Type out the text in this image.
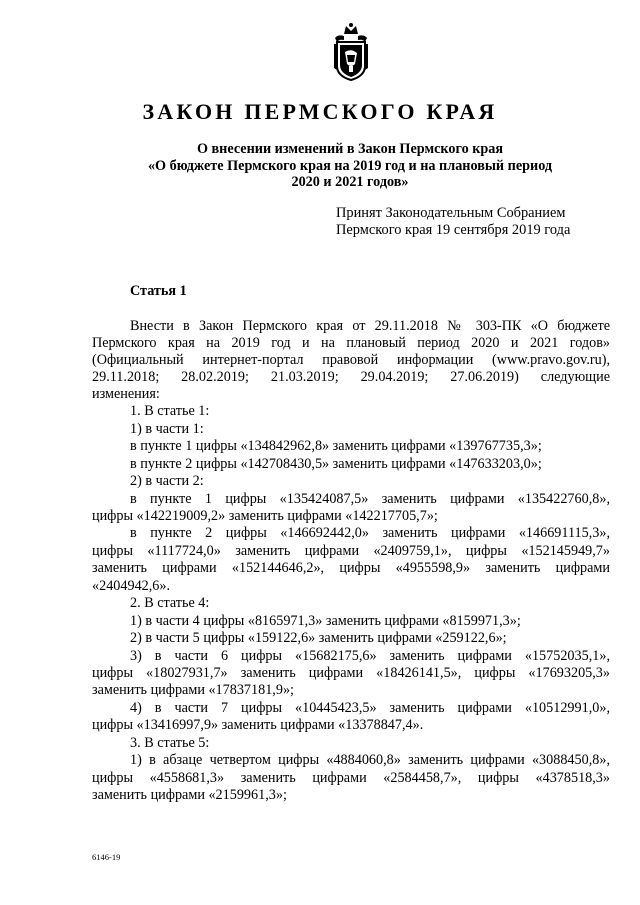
ЗАКОН ПЕРМСКОГО КРАЯ
О внесении изменений в Закон Пермского края
«О бюджете Пермского края на 2019 год и на плановый период
2020 и 2021 годов»
Принят Законодательным Собранием
Пермского края 19 сентября 2019 года
Статья 1
Внести в Закон Пермского края от 29.11.2018 № 303-ПК «О бюджете
Пермского края на 2019 год и на плановый период 2020 и 2021 годов»
(Официальный интернет-портал правовой информации (www.pravo.gov.ru),
29.11.2018; 28.02.2019; 21.03.2019; 29.04.2019; 27.06.2019) следующие
изменения:
1. В статье 1:
1) в части 1:
в пункте 1 цифры «134842962,8» заменить цифрами «139767735,3»;
в пункте 2 цифры «142708430,5» заменить цифрами «147633203,0»;
2) в части 2:
в пункте 1 цифры «135424087,5» заменить цифрами «135422760,8»,
цифры «142219009,2» заменить цифрами «142217705,7»;
в пункте 2 цифры «146692442,0» заменить цифрами «146691115,3»,
цифры «1117724,0» заменить цифрами «2409759,1», цифры «152145949,7»
заменить цифрами «152144646,2», цифры «4955598,9» заменить цифрами
«2404942,6».
2. В статье 4:
1) в части 4 цифры «8165971,3» заменить цифрами «8159971,3»;
2) в части 5 цифры «159122,6» заменить цифрами «259122,6»;
3) в части 6 цифры «15682175,6» заменить цифрами «15752035,1»,
цифры «18027931,7» заменить цифрами «18426141,5», цифры «17693205,3»
заменить цифрами «17837181,9»;
4) в части 7 цифры «10445423,5» заменить цифрами «10512991,0»,
цифры «13416997,9» заменить цифрами «13378847,4».
3. В статье 5:
1) в абзаце четвертом цифры «4884060,8» заменить цифрами «3088450,8»,
цифры «4558681,3» заменить цифрами «2584458,7», цифры «4378518,3»
заменить цифрами «2159961,3»;
6146-19
